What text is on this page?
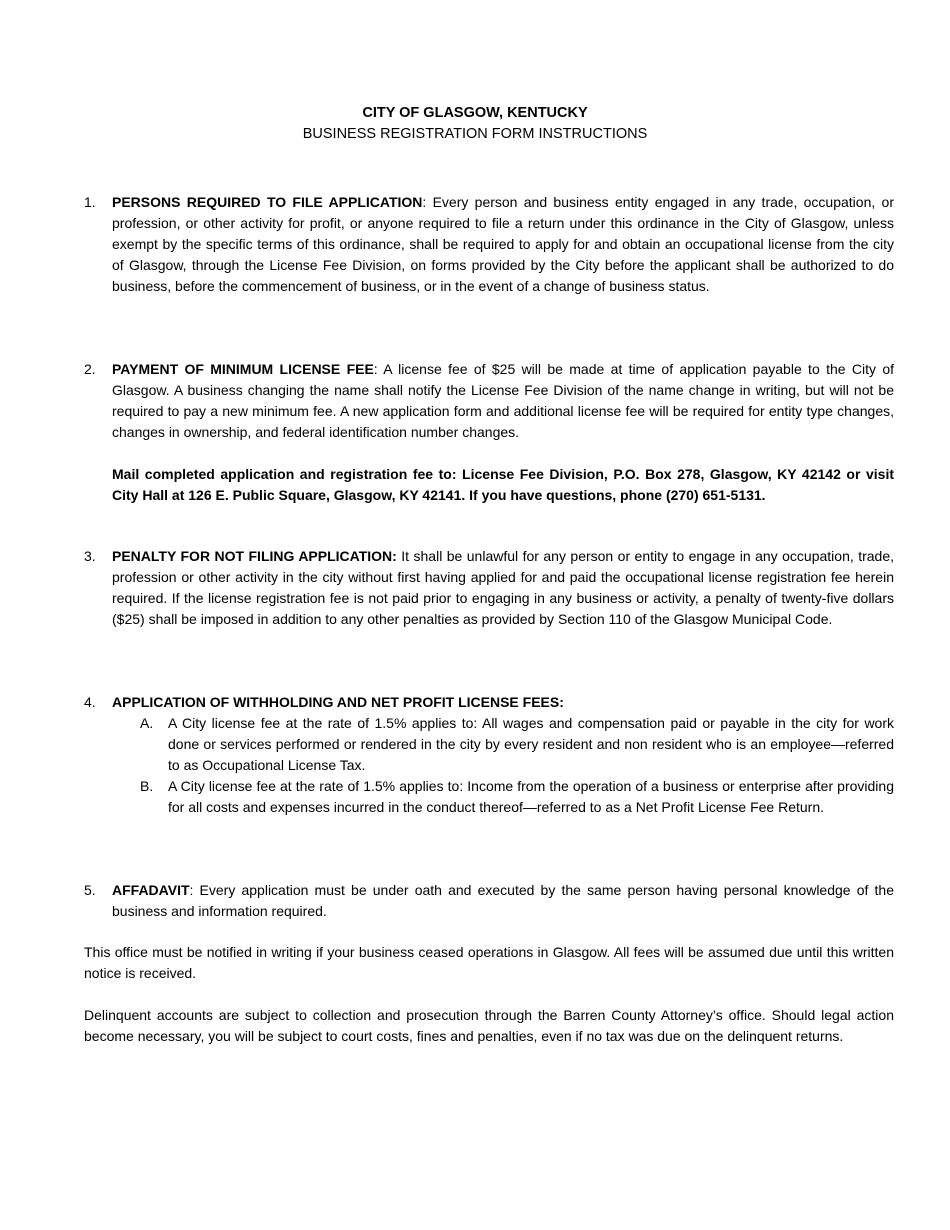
CITY OF GLASGOW, KENTUCKY
BUSINESS REGISTRATION FORM INSTRUCTIONS
1. PERSONS REQUIRED TO FILE APPLICATION: Every person and business entity engaged in any trade, occupation, or profession, or other activity for profit, or anyone required to file a return under this ordinance in the City of Glasgow, unless exempt by the specific terms of this ordinance, shall be required to apply for and obtain an occupational license from the city of Glasgow, through the License Fee Division, on forms provided by the City before the applicant shall be authorized to do business, before the commencement of business, or in the event of a change of business status.
2. PAYMENT OF MINIMUM LICENSE FEE: A license fee of $25 will be made at time of application payable to the City of Glasgow. A business changing the name shall notify the License Fee Division of the name change in writing, but will not be required to pay a new minimum fee. A new application form and additional license fee will be required for entity type changes, changes in ownership, and federal identification number changes.
Mail completed application and registration fee to: License Fee Division, P.O. Box 278, Glasgow, KY 42142 or visit City Hall at 126 E. Public Square, Glasgow, KY 42141. If you have questions, phone (270) 651-5131.
3. PENALTY FOR NOT FILING APPLICATION: It shall be unlawful for any person or entity to engage in any occupation, trade, profession or other activity in the city without first having applied for and paid the occupational license registration fee herein required. If the license registration fee is not paid prior to engaging in any business or activity, a penalty of twenty-five dollars ($25) shall be imposed in addition to any other penalties as provided by Section 110 of the Glasgow Municipal Code.
4. APPLICATION OF WITHHOLDING AND NET PROFIT LICENSE FEES:
A. A City license fee at the rate of 1.5% applies to: All wages and compensation paid or payable in the city for work done or services performed or rendered in the city by every resident and non resident who is an employee—referred to as Occupational License Tax.
B. A City license fee at the rate of 1.5% applies to: Income from the operation of a business or enterprise after providing for all costs and expenses incurred in the conduct thereof—referred to as a Net Profit License Fee Return.
5. AFFADAVIT: Every application must be under oath and executed by the same person having personal knowledge of the business and information required.
This office must be notified in writing if your business ceased operations in Glasgow. All fees will be assumed due until this written notice is received.
Delinquent accounts are subject to collection and prosecution through the Barren County Attorney’s office. Should legal action become necessary, you will be subject to court costs, fines and penalties, even if no tax was due on the delinquent returns.
